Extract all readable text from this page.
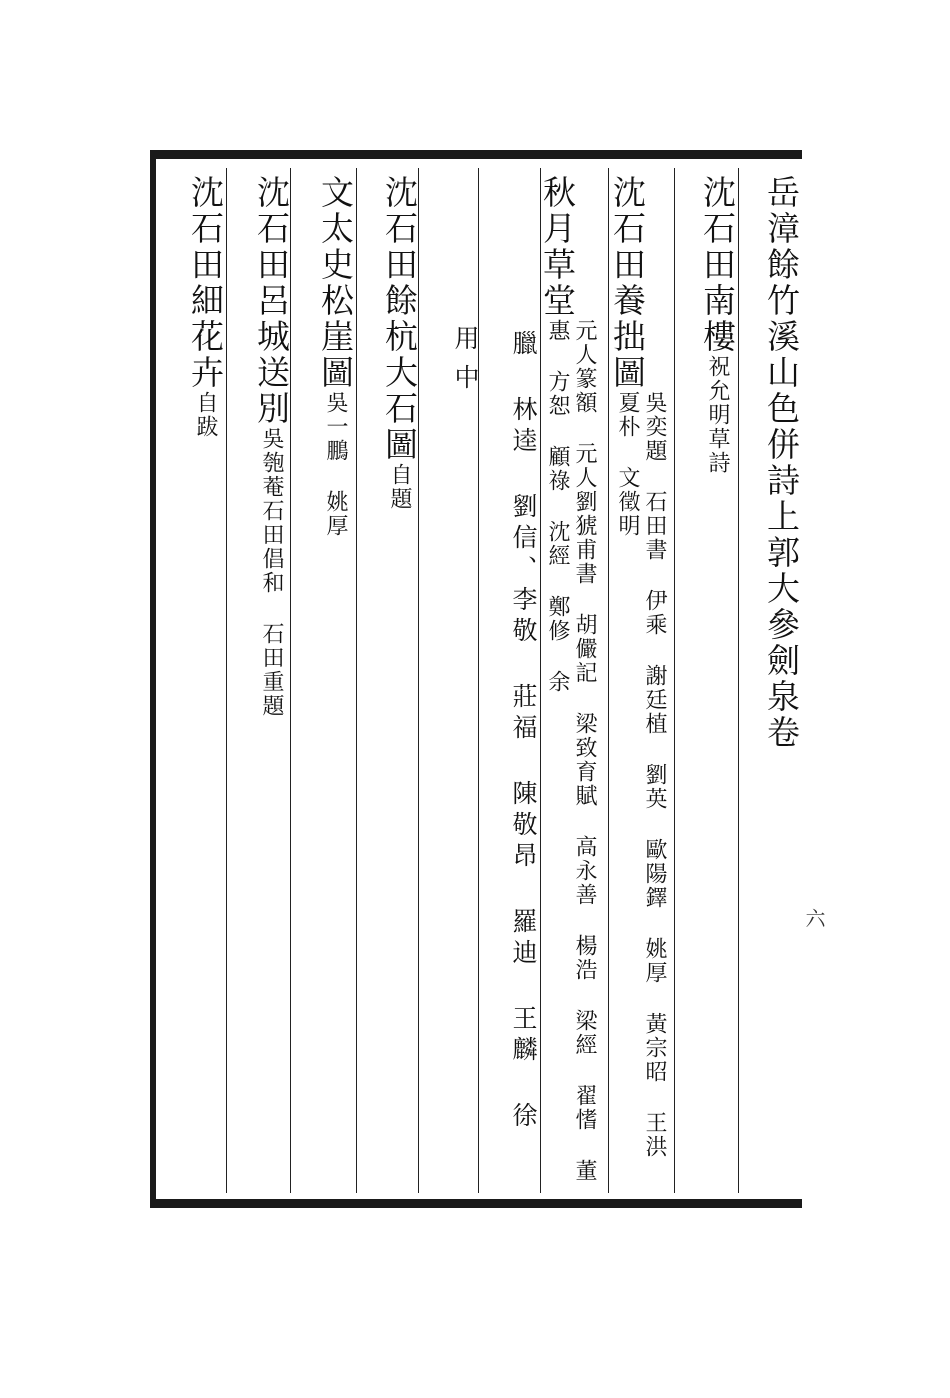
岳漳餘竹溪山色併詩上郭大參劍泉卷
沈石田南樓祝允明草詩
沈石田養拙圖吳奕題 石田書 伊乘 謝廷植 劉英 歐陽鐸 姚厚 黃宗昭 王洪 夏朴 文徵明
秋月草堂元人篆額 元人劉猇甫書 胡儼記 梁致育賦 高永善 楊浩 梁經 翟愭 董惠 方恕 顧祿 沈經 鄭修 余
臘 林逵 劉信、李敬 莊福 陳敬昂 羅迪 王麟 徐
用中
沈石田餘杭大石圖自題
文太史松崖圖吳一鵬 姚厚
沈石田呂城送別吳匏菴石田倡和 石田重題
沈石田細花卉自跋
六
